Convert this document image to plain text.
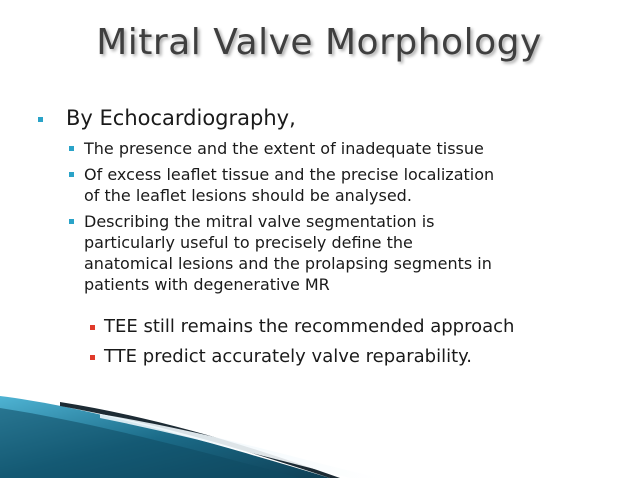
Mitral Valve Morphology
By Echocardiography,
The presence and the extent of inadequate tissue
Of excess leaflet tissue and the precise localization
of the leaflet lesions should be analysed.
Describing the mitral valve segmentation is
particularly useful to precisely define the
anatomical lesions and the prolapsing segments in
patients with degenerative MR
TEE still remains the recommended approach
TTE predict accurately valve reparability.
